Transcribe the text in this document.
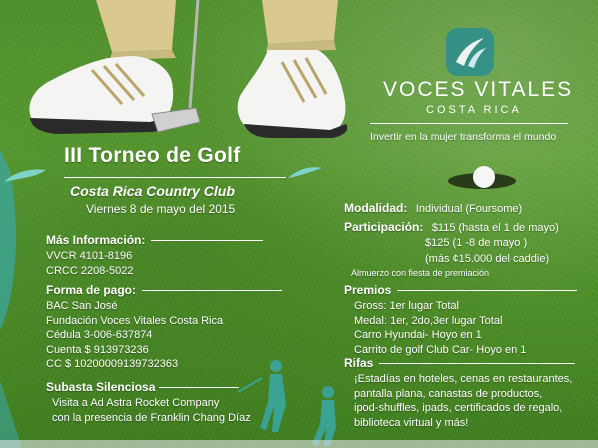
VOCES VITALES
COSTA RICA
Invertir en la mujer transforma el mundo
III Torneo de Golf
Costa Rica Country Club
Viernes 8 de mayo del 2015
Más Información:
VVCR 4101-8196
CRCC 2208-5022
Forma de pago:
BAC San José
Fundación Voces Vitales Costa Rica
Cédula 3-006-637874
Cuenta $ 913973236
CC $ 10200009139732363
Subasta Silenciosa
Visita a Ad Astra Rocket Company
con la presencia de Franklin Chang Díaz
Modalidad: Individual (Foursome)
Participación: $115 (hasta el 1 de mayo)
$125 (1 -8 de mayo )
(más ¢15.000 del caddie)
Almuerzo con fiesta de premiación
Premios
Gross: 1er lugar Total
Medal: 1er, 2do,3er lugar Total
Carro Hyundai- Hoyo en 1
Carrito de golf Club Car- Hoyo en 1
Rifas
¡Estadías en hoteles, cenas en restaurantes,
pantalla plana, canastas de productos,
ipod-shuffles, ipads, certificados de regalo,
biblioteca virtual y más!
